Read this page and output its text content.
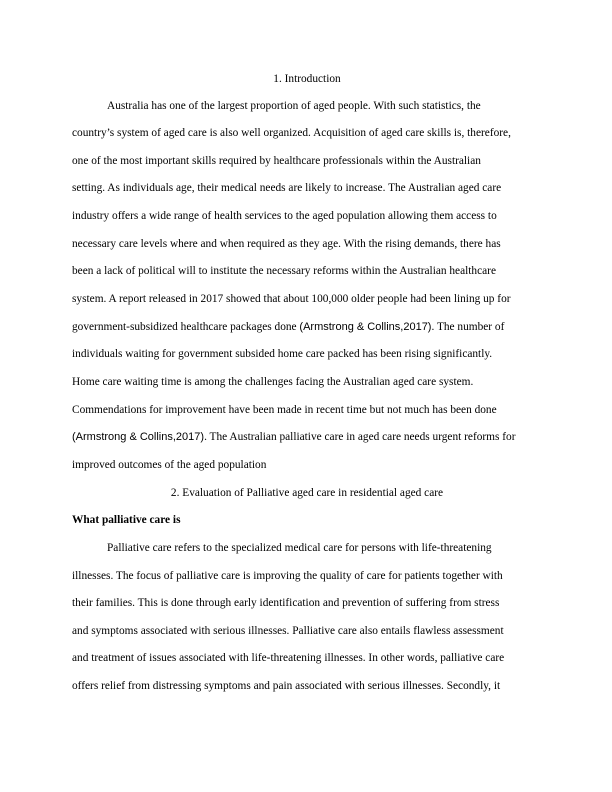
1. Introduction
Australia has one of the largest proportion of aged people. With such statistics, the
country’s system of aged care is also well organized. Acquisition of aged care skills is, therefore,
one of the most important skills required by healthcare professionals within the Australian
setting. As individuals age, their medical needs are likely to increase. The Australian aged care
industry offers a wide range of health services to the aged population allowing them access to
necessary care levels where and when required as they age. With the rising demands, there has
been a lack of political will to institute the necessary reforms within the Australian healthcare
system. A report released in 2017 showed that about 100,000 older people had been lining up for
government-subsidized healthcare packages done (Armstrong & Collins,2017). The number of
individuals waiting for government subsided home care packed has been rising significantly.
Home care waiting time is among the challenges facing the Australian aged care system.
Commendations for improvement have been made in recent time but not much has been done
(Armstrong & Collins,2017). The Australian palliative care in aged care needs urgent reforms for
improved outcomes of the aged population
2. Evaluation of Palliative aged care in residential aged care
What palliative care is
Palliative care refers to the specialized medical care for persons with life-threatening
illnesses. The focus of palliative care is improving the quality of care for patients together with
their families. This is done through early identification and prevention of suffering from stress
and symptoms associated with serious illnesses. Palliative care also entails flawless assessment
and treatment of issues associated with life-threatening illnesses. In other words, palliative care
offers relief from distressing symptoms and pain associated with serious illnesses. Secondly, it
